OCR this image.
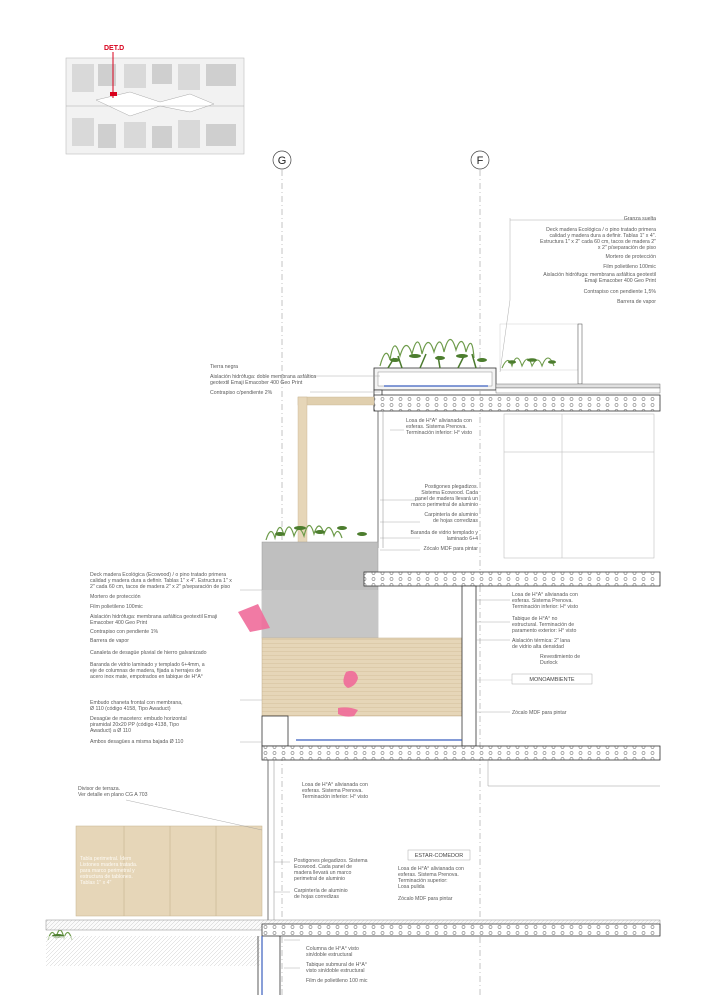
DET.D
G	F
Granza suelta
Deck madera Ecológica / o pino tratado primera
calidad y madera dura a definir. Tablas 1" x 4".
Estructura 1" x 2" cada 60 cm, tacos de madera 2"
x 2" p/separación de piso
Mortero de protección
Film polietileno 100mic
Aislación hidrófuga: membrana asfáltica geotextil
Emaji Emacober 400 Geo Print
Contrapiso con pendiente 1,5%
Barrera de vapor
Tierra negra
Aislación hidrófuga: doble membrana asfáltica
geotextil Emaji Emacober 400 Geo Print
Contrapiso c/pendiente 2%
Losa de H°A° alivianada con
esferas. Sistema Prenova.
Terminación inferior: H° visto
Postigones plegadizos.
Sistema Ecowood. Cada
panel de madera llevará un
marco perimetral de aluminio
Carpintería de aluminio
de hojas corredizas
Baranda de vidrio templado y
laminado 6+4
Zócalo MDF para pintar
Deck madera Ecológica (Ecowood) / o pino tratado primera
calidad y madera dura a definir. Tablas 1" x 4". Estructura 1" x
2" cada 60 cm, tacos de madera 2" x 2" p/separación de piso
Mortero de protección
Film polietileno 100mic
Aislación hidrófuga: membrana asfáltica geotextil Emaji
Emacober 400 Geo Print
Contrapiso con pendiente 1%
Barrera de vapor
Canaleta de desagüe pluvial de hierro galvanizado
Baranda de vidrio laminado y templado 6+4mm, a
eje de columnas de madera, fijada a herrajes de
acero inox mate, empotrados en tabique de H°A°
Embudo chaneta frontal con membrana,
Ø 110 (código 4158, Tipo Awaduct)
Desagüe de macetero: embudo horizontal
piramidal 20x20 PP (código 4138, Tipo
Awaduct) a Ø 110
Ambos desagües a misma bajada Ø 110
Losa de H°A° alivianada con
esferas. Sistema Prenova.
Terminación inferior: H° visto
Tabique de H°A° no
estructural. Terminación de
paramento exterior: H° visto
Aislación térmica: 2" lana
de vidrio alta densidad
Revestimiento de
Durlock
Zócalo MDF para pintar
MONOAMBIENTE
Divisor de terraza.
Ver detalle en plano CG A 703
Losa de H°A° alivianada con
esferas. Sistema Prenova.
Terminación inferior: H° visto
Postigones plegadizos. Sistema
Ecowood. Cada panel de
madera llevará un marco
perimetral de aluminio
Carpintería de aluminio
de hojas corredizas
ESTAR-COMEDOR
Losa de H°A° alivianada con
esferas. Sistema Prenova.
Terminación superior:
Losa pulida
Zócalo MDF para pintar
Tabla perimetral. Ídem
Listones madera tratada.
para marco perimetral y
estructura de tablones.
Tablas 1" x 4"
Columna de H°A° visto
sin/doble estructural
Tabique submural de H°A°
visto sin/doble estructural
Film de polietileno 100 mic
